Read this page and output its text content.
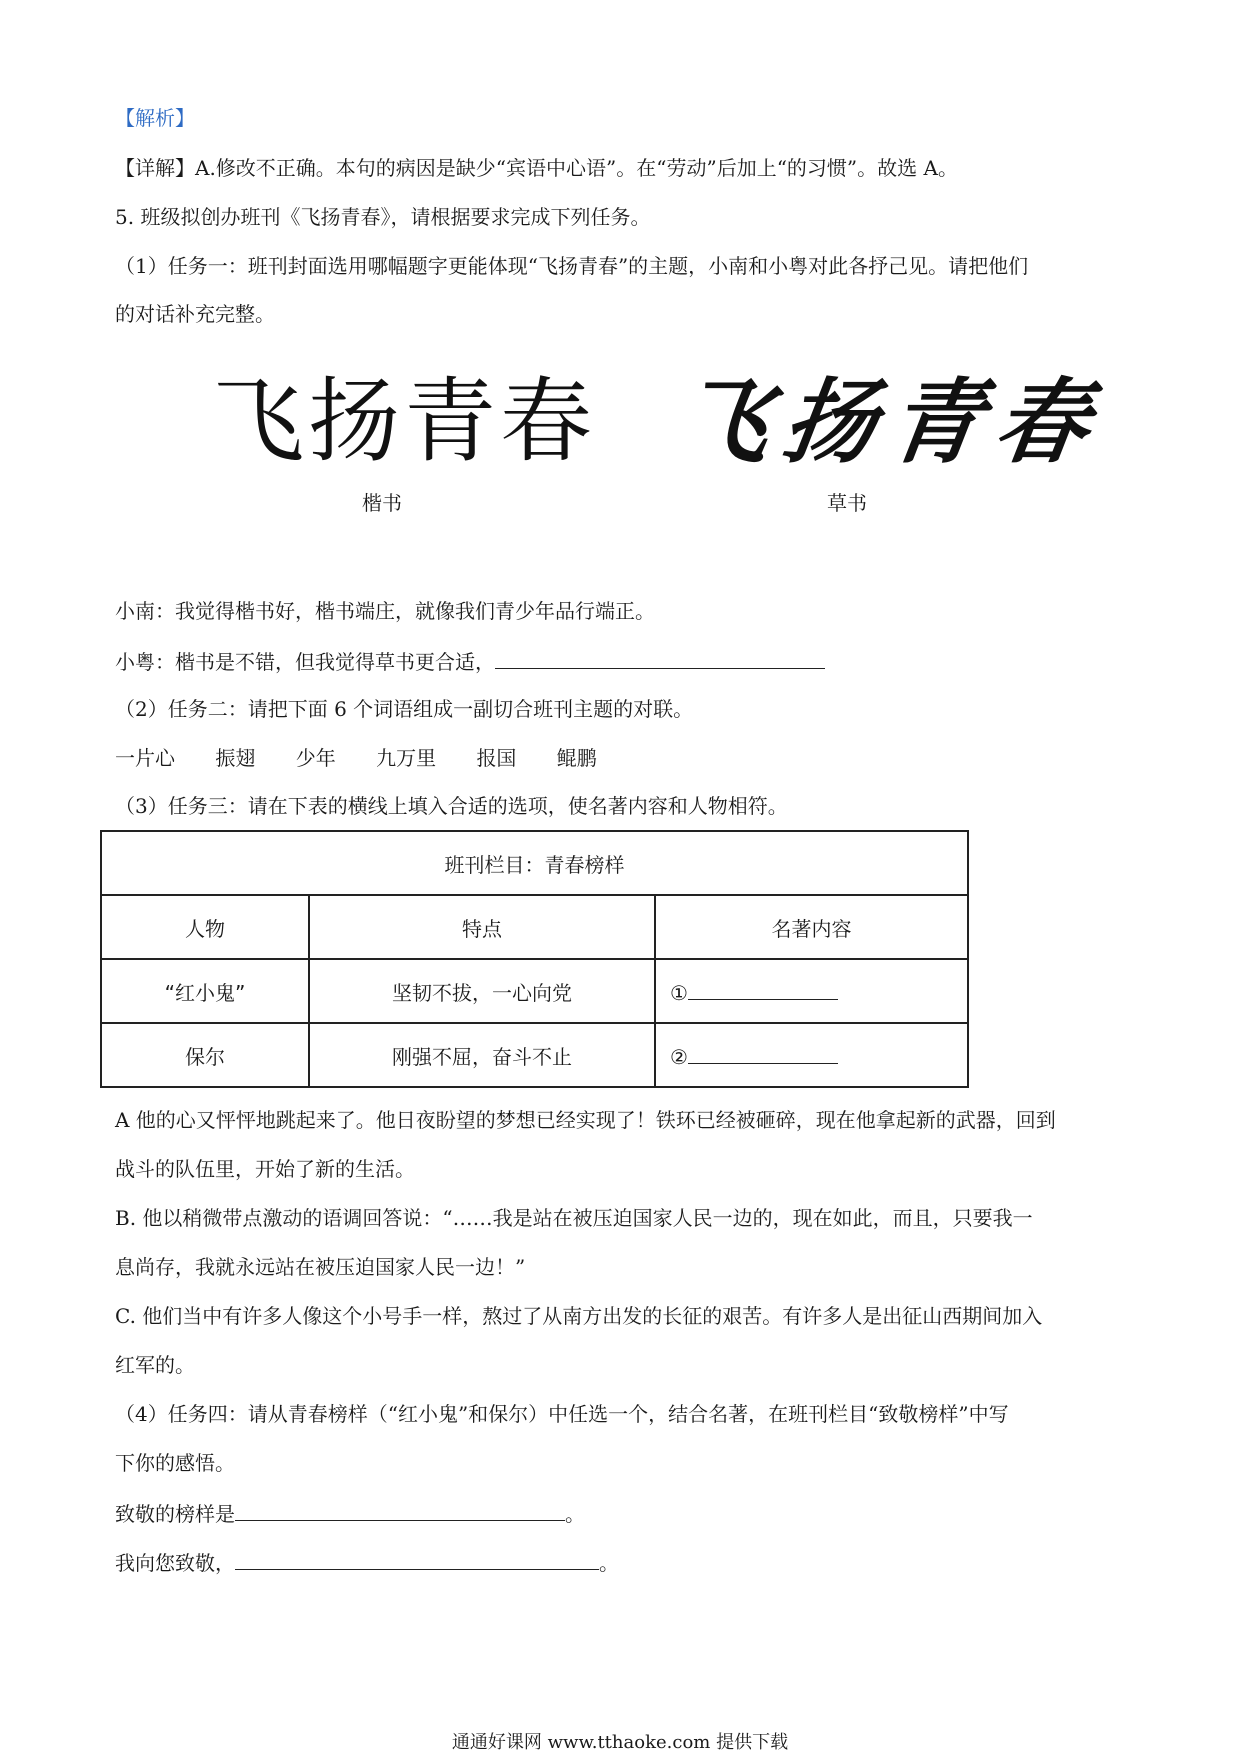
【解析】
【详解】A.修改不正确。本句的病因是缺少“宾语中心语”。在“劳动”后加上“的习惯”。故选 A。
5. 班级拟创办班刊《飞扬青春》，请根据要求完成下列任务。
（1）任务一：班刊封面选用哪幅题字更能体现“飞扬青春”的主题，小南和小粤对此各抒己见。请把他们
的对话补充完整。
飞扬青春 飞扬青春
楷书	草书
小南：我觉得楷书好，楷书端庄，就像我们青少年品行端正。
小粤：楷书是不错，但我觉得草书更合适，
（2）任务二：请把下面 6 个词语组成一副切合班刊主题的对联。
一片心 振翅 少年 九万里 报国 鲲鹏
（3）任务三：请在下表的横线上填入合适的选项，使名著内容和人物相符。
班刊栏目：青春榜样		
人物	特点	名著内容
“红小鬼”	坚韧不拔，一心向党	①
保尔	刚强不屈，奋斗不止	②
A 他的心又怦怦地跳起来了。他日夜盼望的梦想已经实现了！铁环已经被砸碎，现在他拿起新的武器，回到
战斗的队伍里，开始了新的生活。
B. 他以稍微带点激动的语调回答说：“……我是站在被压迫国家人民一边的，现在如此，而且，只要我一
息尚存，我就永远站在被压迫国家人民一边！”
C. 他们当中有许多人像这个小号手一样，熬过了从南方出发的长征的艰苦。有许多人是出征山西期间加入
红军的。
（4）任务四：请从青春榜样（“红小鬼”和保尔）中任选一个，结合名著，在班刊栏目“致敬榜样”中写
下你的感悟。
致敬的榜样是	。
我向您致敬，	。
通通好课网 www.tthaoke.com 提供下载
